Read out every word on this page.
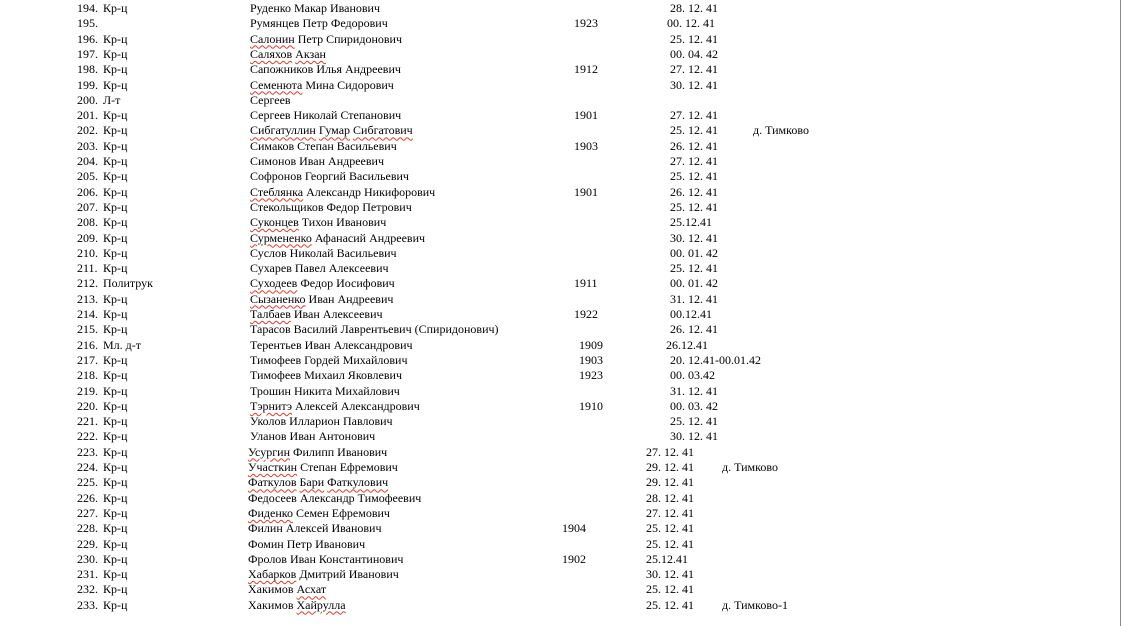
194. Кр-ц	Руденко Макар Иванович	28. 12. 41
195.	Румянцев Петр Федорович	1923	00. 12. 41
196. Кр-ц	Салонин Петр Спиридонович	25. 12. 41
197. Кр-ц	Саляхов Акзан	00. 04. 42
198. Кр-ц	Сапожников Илья Андреевич	1912	27. 12. 41
199. Кр-ц	Семенюта Мина Сидорович	30. 12. 41
200. Л-т	Сергеев
201. Кр-ц	Сергеев Николай Степанович	1901	27. 12. 41
202. Кр-ц	Сибгатуллин Гумар Сибгатович	25. 12. 41	д. Тимково
203. Кр-ц	Симаков Степан Васильевич	1903	26. 12. 41
204. Кр-ц	Симонов Иван Андреевич	27. 12. 41
205. Кр-ц	Софронов Георгий Васильевич	25. 12. 41
206. Кр-ц	Стеблянка Александр Никифорович	1901	26. 12. 41
207. Кр-ц	Стекольщиков Федор Петрович	25. 12. 41
208. Кр-ц	Суконцев Тихон Иванович	25.12.41
209. Кр-ц	Сурмененко Афанасий Андреевич	30. 12. 41
210. Кр-ц	Суслов Николай Васильевич	00. 01. 42
211. Кр-ц	Сухарев Павел Алексеевич	25. 12. 41
212. Политрук	Суходеев Федор Иосифович	1911	00. 01. 42
213. Кр-ц	Сызаненко Иван Андреевич	31. 12. 41
214. Кр-ц	Талбаев Иван Алексеевич	1922	00.12.41
215. Кр-ц	Тарасов Василий Лаврентьевич (Спиридонович)	26. 12. 41
216. Мл. д-т	Терентьев Иван Александрович	1909	26.12.41
217. Кр-ц	Тимофеев Гордей Михайлович	1903	20. 12.41-00.01.42
218. Кр-ц	Тимофеев Михаил Яковлевич	1923	00. 03.42
219. Кр-ц	Трошин Никита Михайлович	31. 12. 41
220. Кр-ц	Тэрнитэ Алексей Александрович	1910	00. 03. 42
221. Кр-ц	Уколов Илларион Павлович	25. 12. 41
222. Кр-ц	Уланов Иван Антонович	30. 12. 41
223. Кр-ц	Усургин Филипп Иванович	27. 12. 41
224. Кр-ц	Участкин Степан Ефремович	29. 12. 41 д. Тимково
225. Кр-ц	Фаткулов Бари Фаткулович	29. 12. 41
226. Кр-ц	Федосеев Александр Тимофеевич	28. 12. 41
227. Кр-ц	Фиденко Семен Ефремович	27. 12. 41
228. Кр-ц	Филин Алексей Иванович	1904	25. 12. 41
229. Кр-ц	Фомин Петр Иванович	25. 12. 41
230. Кр-ц	Фролов Иван Константинович	1902	25.12.41
231. Кр-ц	Хабарков Дмитрий Иванович	30. 12. 41
232. Кр-ц	Хакимов Асхат	25. 12. 41
233. Кр-ц	Хакимов Хайрулла	25. 12. 41 д. Тимково-1
